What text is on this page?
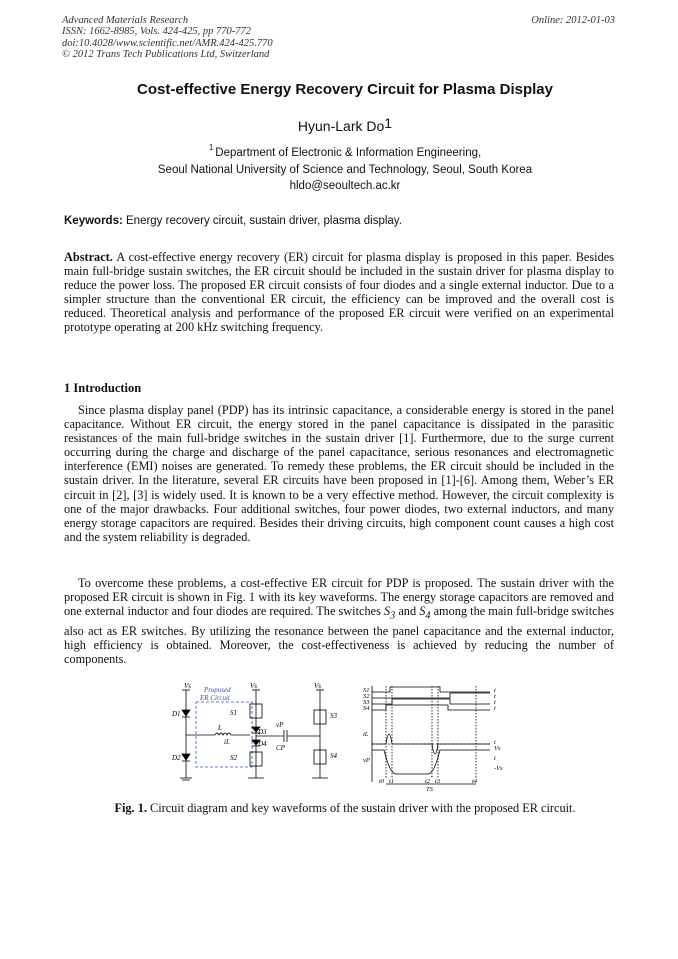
Advanced Materials Research
ISSN: 1662-8985, Vols. 424-425, pp 770-772
doi:10.4028/www.scientific.net/AMR.424-425.770
© 2012 Trans Tech Publications Ltd, Switzerland
Online: 2012-01-03
Cost-effective Energy Recovery Circuit for Plasma Display
Hyun-Lark Do$^1$
$^1$ Department of Electronic & Information Engineering,
Seoul National University of Science and Technology, Seoul, South Korea
hldo@seoultech.ac.kr
Keywords: Energy recovery circuit, sustain driver, plasma display.
Abstract. A cost-effective energy recovery (ER) circuit for plasma display is proposed in this paper. Besides main full-bridge sustain switches, the ER circuit should be included in the sustain driver for plasma display to reduce the power loss. The proposed ER circuit consists of four diodes and a single external inductor. Due to a simpler structure than the conventional ER circuit, the efficiency can be improved and the overall cost is reduced. Theoretical analysis and performance of the proposed ER circuit were verified on an experimental prototype operating at 200 kHz switching frequency.
1 Introduction
Since plasma display panel (PDP) has its intrinsic capacitance, a considerable energy is stored in the panel capacitance. Without ER circuit, the energy stored in the panel capacitance is dissipated in the parasitic resistances of the main full-bridge switches in the sustain driver [1]. Furthermore, due to the surge current occurring during the charge and discharge of the panel capacitance, serious resonances and electromagnetic interference (EMI) noises are generated. To remedy these problems, the ER circuit should be included in the sustain driver. In the literature, several ER circuits have been proposed in [1]-[6]. Among them, Weber’s ER circuit in [2], [3] is widely used. It is known to be a very effective method. However, the circuit complexity is one of the major drawbacks. Four additional switches, four power diodes, two external inductors, and many energy storage capacitors are required. Besides their driving circuits, high component count causes a high cost and the system reliability is degraded.
To overcome these problems, a cost-effective ER circuit for PDP is proposed. The sustain driver with the proposed ER circuit is shown in Fig. 1 with its key waveforms. The energy storage capacitors are removed and one external inductor and four diodes are required. The switches $S_3$ and $S_4$ among the main full-bridge switches also act as ER switches. By utilizing the resonance between the panel capacitance and the external inductor, high efficiency is obtained. Moreover, the cost-effectiveness is achieved by reducing the number of components.
Vs	Vs	Vs
Proposed
ER Circuit
D1
D2
D3
D4
S1
S2
S3
S4
L
iL
vP
CP
S1
S2
S3
S4
iL
vP
t
t
t
t
t
Vs
t
-Vs
t0 t1	t2 t3	t4
TS
Fig. 1. Circuit diagram and key waveforms of the sustain driver with the proposed ER circuit.
